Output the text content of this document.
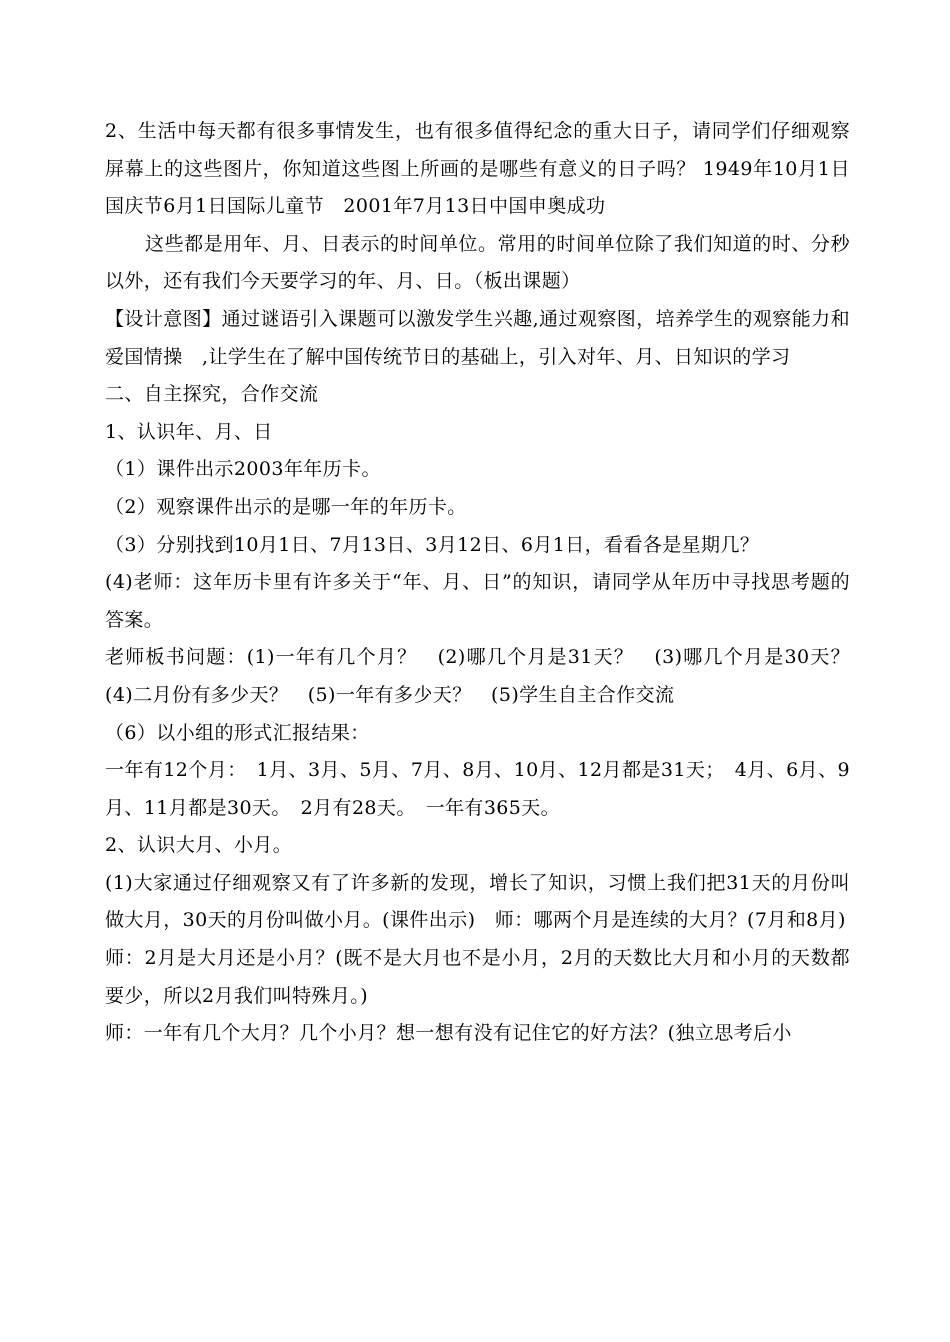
2、生活中每天都有很多事情发生，也有很多值得纪念的重大日子，请同学们仔细观察屏幕上的这些图片，你知道这些图上所画的是哪些有意义的日子吗？ 1949年10月1日国庆节6月1日国际儿童节　2001年7月13日中国申奥成功

这些都是用年、月、日表示的时间单位。常用的时间单位除了我们知道的时、分秒以外，还有我们今天要学习的年、月、日。（板出课题）

【设计意图】通过谜语引入课题可以激发学生兴趣,通过观察图，培养学生的观察能力和爱国情操　,让学生在了解中国传统节日的基础上，引入对年、月、日知识的学习

二、自主探究，合作交流

1、认识年、月、日

（1）课件出示2003年年历卡。

（2）观察课件出示的是哪一年的年历卡。

（3）分别找到10月1日、7月13日、3月12日、6月1日，看看各是星期几？

(4)老师：这年历卡里有许多关于“年、月、日”的知识，请同学从年历中寻找思考题的答案。

老师板书问题：(1)一年有几个月？　(2)哪几个月是31天？　(3)哪几个月是30天？　(4)二月份有多少天？　(5)一年有多少天？　(5)学生自主合作交流

（6）以小组的形式汇报结果：

一年有12个月：　1月、3月、5月、7月、8月、10月、12月都是31天；　4月、6月、9月、11月都是30天。　2月有28天。　一年有365天。

2、认识大月、小月。

(1)大家通过仔细观察又有了许多新的发现，增长了知识，习惯上我们把31天的月份叫做大月，30天的月份叫做小月。(课件出示)　师：哪两个月是连续的大月？(7月和8月)

师：2月是大月还是小月？(既不是大月也不是小月，2月的天数比大月和小月的天数都要少，所以2月我们叫特殊月。)

师：一年有几个大月？几个小月？想一想有没有记住它的好方法？(独立思考后小
